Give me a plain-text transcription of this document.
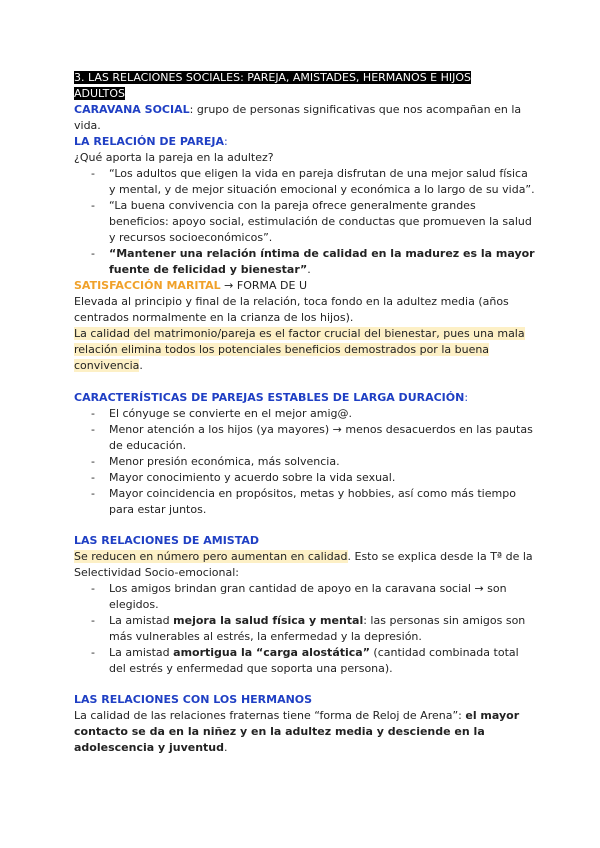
3. LAS RELACIONES SOCIALES: PAREJA, AMISTADES, HERMANOS E HIJOS
ADULTOS

CARAVANA SOCIAL: grupo de personas significativas que nos acompañan en la vida.

LA RELACIÓN DE PAREJA:

¿Qué aporta la pareja en la adultez?

- “Los adultos que eligen la vida en pareja disfrutan de una mejor salud física y mental, y de mejor situación emocional y económica a lo largo de su vida”.
- “La buena convivencia con la pareja ofrece generalmente grandes beneficios: apoyo social, estimulación de conductas que promueven la salud y recursos socioeconómicos”.
- “Mantener una relación íntima de calidad en la madurez es la mayor fuente de felicidad y bienestar”.

SATISFACCIÓN MARITAL → FORMA DE U

Elevada al principio y final de la relación, toca fondo en la adultez media (años centrados normalmente en la crianza de los hijos).

La calidad del matrimonio/pareja es el factor crucial del bienestar, pues una mala relación elimina todos los potenciales beneficios demostrados por la buena convivencia.

CARACTERÍSTICAS DE PAREJAS ESTABLES DE LARGA DURACIÓN:

- El cónyuge se convierte en el mejor amig@.
- Menor atención a los hijos (ya mayores) → menos desacuerdos en las pautas de educación.
- Menor presión económica, más solvencia.
- Mayor conocimiento y acuerdo sobre la vida sexual.
- Mayor coincidencia en propósitos, metas y hobbies, así como más tiempo para estar juntos.

LAS RELACIONES DE AMISTAD

Se reducen en número pero aumentan en calidad. Esto se explica desde la Tª de la Selectividad Socio-emocional:

- Los amigos brindan gran cantidad de apoyo en la caravana social → son elegidos.
- La amistad mejora la salud física y mental: las personas sin amigos son más vulnerables al estrés, la enfermedad y la depresión.
- La amistad amortigua la “carga alostática” (cantidad combinada total del estrés y enfermedad que soporta una persona).

LAS RELACIONES CON LOS HERMANOS

La calidad de las relaciones fraternas tiene “forma de Reloj de Arena”: el mayor contacto se da en la niñez y en la adultez media y desciende en la adolescencia y juventud.
